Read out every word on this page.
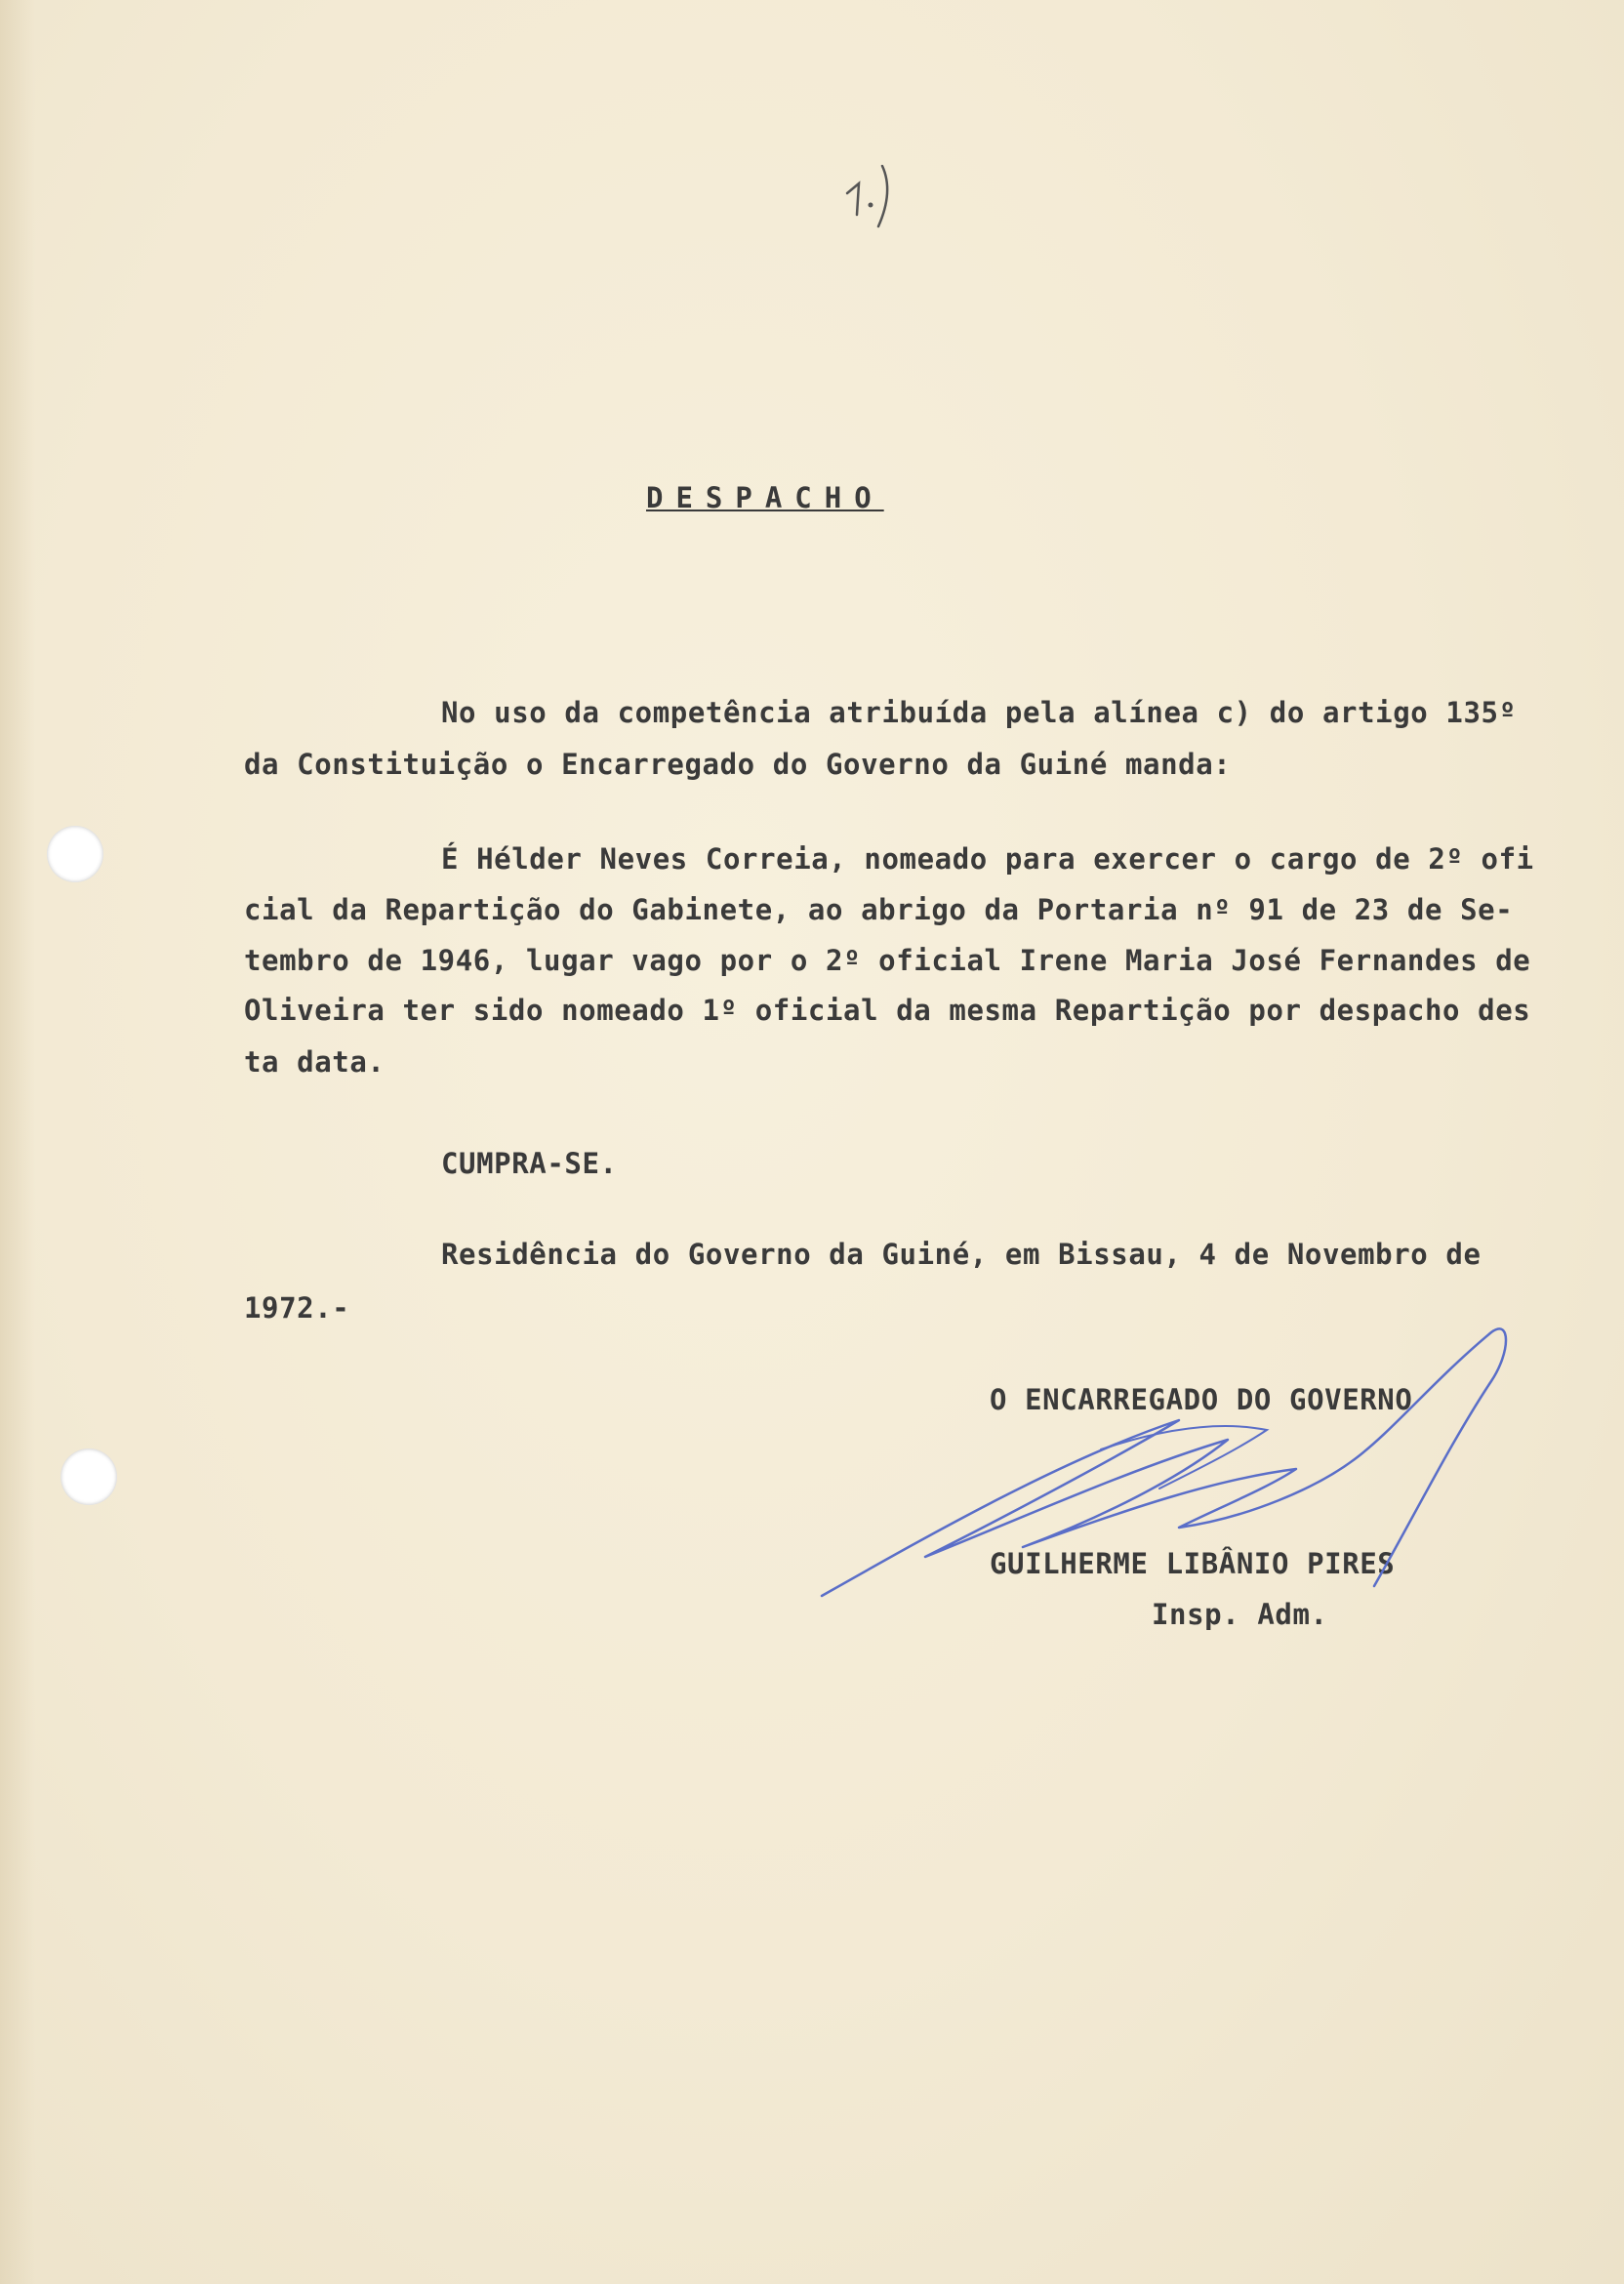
DESPACHO

No uso da competência atribuída pela alínea c) do artigo 135º

da Constituição o Encarregado do Governo da Guiné manda:

É Hélder Neves Correia, nomeado para exercer o cargo de 2º ofi

cial da Repartição do Gabinete, ao abrigo da Portaria nº 91 de 23 de Se-

tembro de 1946, lugar vago por o 2º oficial Irene Maria José Fernandes de

Oliveira ter sido nomeado 1º oficial da mesma Repartição por despacho des

ta data.

CUMPRA-SE.

Residência do Governo da Guiné, em Bissau, 4 de Novembro de

1972.-

O ENCARREGADO DO GOVERNO

GUILHERME LIBÂNIO PIRES

Insp. Adm.
